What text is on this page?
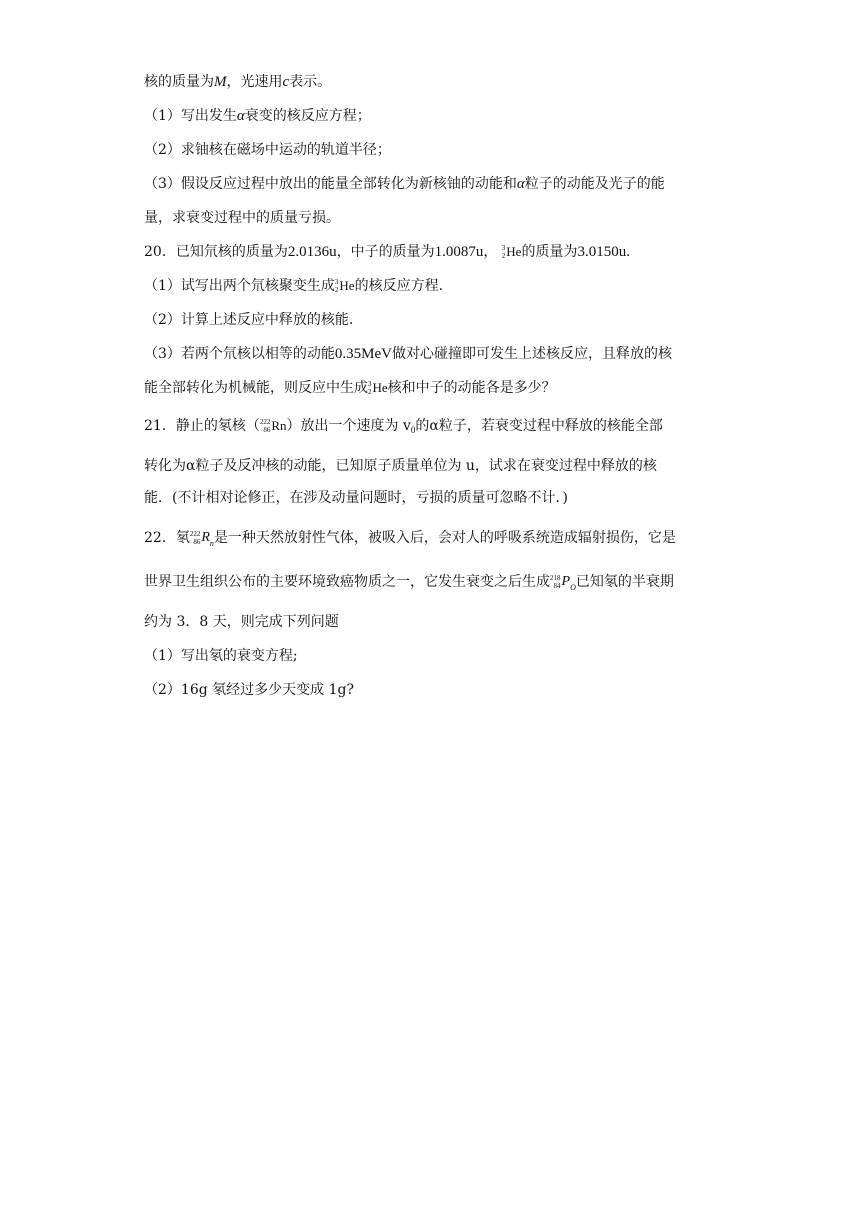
核的质量为M，光速用c表示。
（1）写出发生α衰变的核反应方程；
（2）求铀核在磁场中运动的轨道半径；
（3）假设反应过程中放出的能量全部转化为新核铀的动能和α粒子的动能及光子的能
量，求衰变过程中的质量亏损。
20．已知氘核的质量为2.0136u，中子的质量为1.0087u， 3
2 He的质量为3.0150u.
（1）试写出两个氘核聚变生成 3
2 He的核反应方程.
（2）计算上述反应中释放的核能.
（3）若两个氘核以相等的动能0.35MeV做对心碰撞即可发生上述核反应，且释放的核
能全部转化为机械能，则反应中生成 3
2 He核和中子的动能各是多少？
21．静止的氡核（ 222
86 Rn）放出一个速度为 $v_0$的α粒子，若衰变过程中释放的核能全部
转化为α粒子及反冲核的动能，已知原子质量单位为 u，试求在衰变过程中释放的核
能．(不计相对论修正，在涉及动量问题时，亏损的质量可忽略不计．)
22．氡 222
86 $R_n$是一种天然放射性气体，被吸入后，会对人的呼吸系统造成辐射损伤，它是
世界卫生组织公布的主要环境致癌物质之一，它发生衰变之后生成 218
84 $P_O$已知氡的半衰期
约为 3．8 天，则完成下列问题
（1）写出氡的衰变方程;
（2）16g 氡经过多少天变成 1g?
